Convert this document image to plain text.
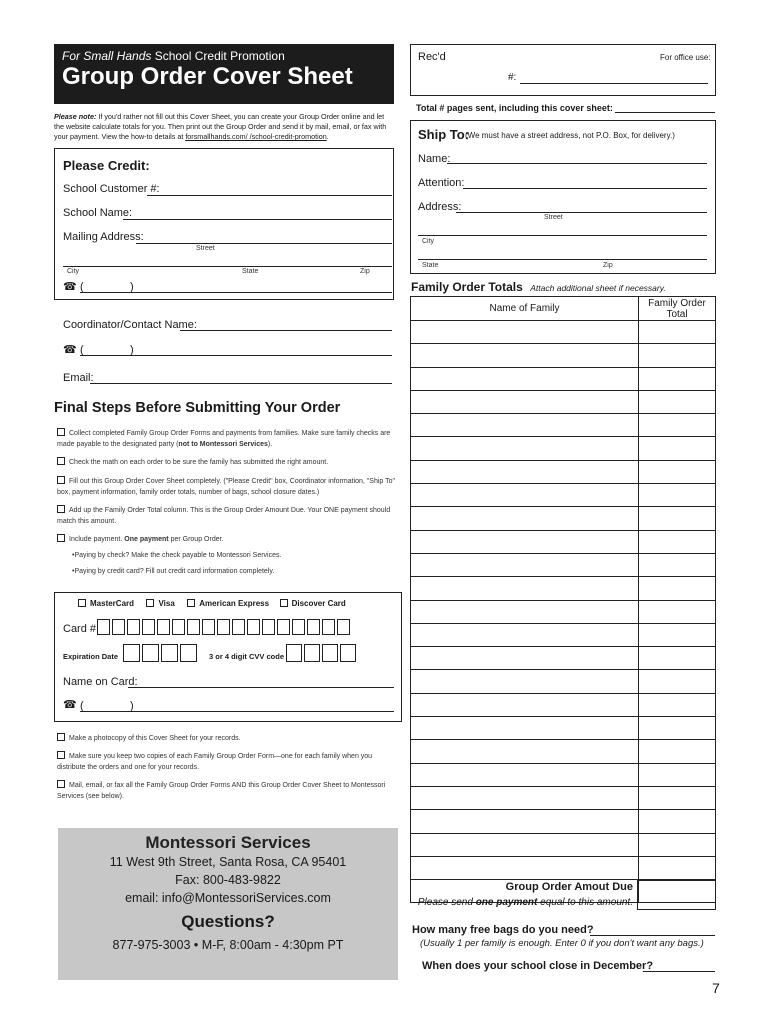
For Small Hands School Credit Promotion
Group Order Cover Sheet
Please note: If you'd rather not fill out this Cover Sheet, you can create your Group Order online and let the website calculate totals for you. Then print out the Group Order and send it by mail, email, or fax with your payment. View the how-to details at forsmallhands.com/ /school-credit-promotion.
Please Credit:
School Customer #:
School Name:
Mailing Address:
Street
City	State	Zip
☎ (	)
Coordinator/Contact Name:
☎ (	)
Email:
Final Steps Before Submitting Your Order
Collect completed Family Group Order Forms and payments from families. Make sure family checks are made payable to the designated party (not to Montessori Services).
Check the math on each order to be sure the family has submitted the right amount.
Fill out this Group Order Cover Sheet completely. ("Please Credit" box, Coordinator information, "Ship To" box, payment information, family order totals, number of bags, school closure dates.)
Add up the Family Order Total column. This is the Group Order Amount Due. Your ONE payment should match this amount.
Include payment. One payment per Group Order.
•Paying by check? Make the check payable to Montessori Services.
•Paying by credit card? Fill out credit card information completely.
MasterCard	Visa	American Express	Discover Card
Card #:
Expiration Date	3 or 4 digit CVV code
Name on Card:
☎ (	)
Make a photocopy of this Cover Sheet for your records.
Make sure you keep two copies of each Family Group Order Form—one for each family when you distribute the orders and one for your records.
Mail, email, or fax all the Family Group Order Forms AND this Group Order Cover Sheet to Montessori Services (see below).
Montessori Services
11 West 9th Street, Santa Rosa, CA 95401
Fax: 800-483-9822
email: info@MontessoriServices.com
Questions?
877-975-3003 • M-F, 8:00am - 4:30pm PT
Rec'd	For office use:
#:
Total # pages sent, including this cover sheet:
Ship To:
(We must have a street address, not P.O. Box, for delivery.)
Name:
Attention:
Address:
Street
City
State	Zip
Family Order Totals Attach additional sheet if necessary.
Name of Family	Family Order Total

Group Order Amout Due
Please send one payment equal to this amount.
How many free bags do you need?
(Usually 1 per family is enough. Enter 0 if you don't want any bags.)
When does your school close in December?
7
